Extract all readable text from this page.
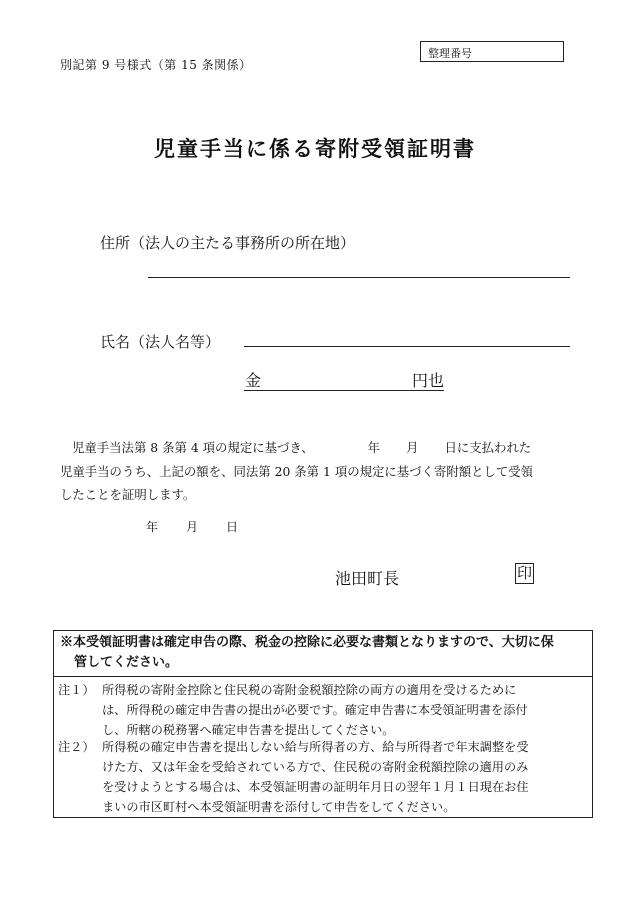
別記第 9 号様式（第 15 条関係）
整理番号
児童手当に係る寄附受領証明書
住所（法人の主たる事務所の所在地）
氏名（法人名等）
金	円也
児童手当法第 8 条第 4 項の規定に基づき、	年 月 日に支払われた
児童手当のうち、上記の額を、同法第 20 条第 1 項の規定に基づく寄附額として受領
したことを証明します。
年 月 日
池田町長	印
※本受領証明書は確定申告の際、税金の控除に必要な書類となりますので、大切に保
管してください。
注１） 所得税の寄附金控除と住民税の寄附金税額控除の両方の適用を受けるために
は、所得税の確定申告書の提出が必要です。確定申告書に本受領証明書を添付
し、所轄の税務署へ確定申告書を提出してください。
注２） 所得税の確定申告書を提出しない給与所得者の方、給与所得者で年末調整を受
けた方、又は年金を受給されている方で、住民税の寄附金税額控除の適用のみ
を受けようとする場合は、本受領証明書の証明年月日の翌年１月１日現在お住
まいの市区町村へ本受領証明書を添付して申告をしてください。
